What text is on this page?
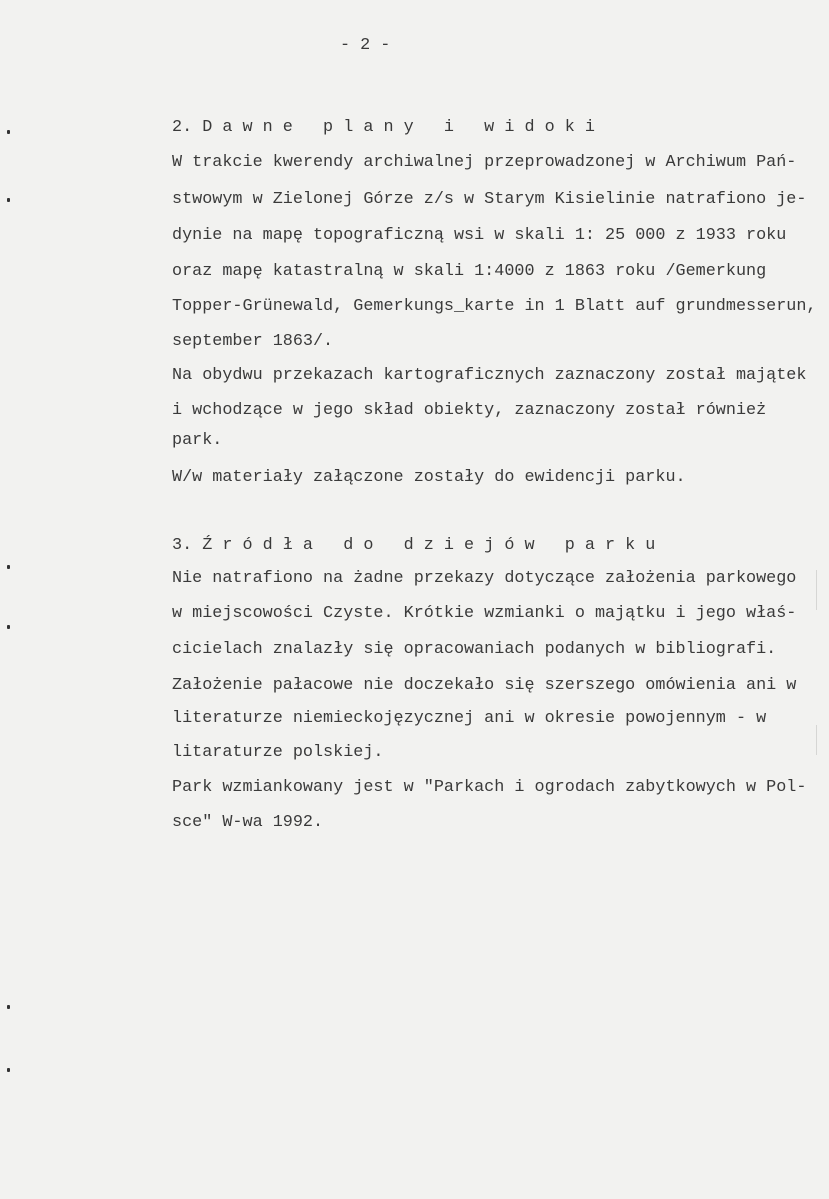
- 2 -
2. D a w n e   p l a n y   i   w i d o k i
W trakcie kwerendy archiwalnej przeprowadzonej w Archiwum Pań-
stwowym w Zielonej Górze z/s w Starym Kisielinie natrafiono je-
dynie na mapę topograficzną wsi w skali 1: 25 000 z 1933 roku
oraz mapę katastralną w skali 1:4000 z 1863 roku /Gemerkung
Topper-Grünewald, Gemerkungs_karte in 1 Blatt auf grundmesserun,
september 1863/.
Na obydwu przekazach kartograficznych zaznaczony został majątek
i wchodzące w jego skład obiekty, zaznaczony został również
park.
W/w materiały załączone zostały do ewidencji parku.
3. Ź r ó d ł a   d o   d z i e j ó w   p a r k u
Nie natrafiono na żadne przekazy dotyczące założenia parkowego
w miejscowości Czyste. Krótkie wzmianki o majątku i jego właś-
cicielach znalazły się opracowaniach podanych w bibliografi.
Założenie pałacowe nie doczekało się szerszego omówienia ani w
literaturze niemieckojęzycznej ani w okresie powojennym - w
litaraturze polskiej.
Park wzmiankowany jest w "Parkach i ogrodach zabytkowych w Pol-
sce" W-wa 1992.
